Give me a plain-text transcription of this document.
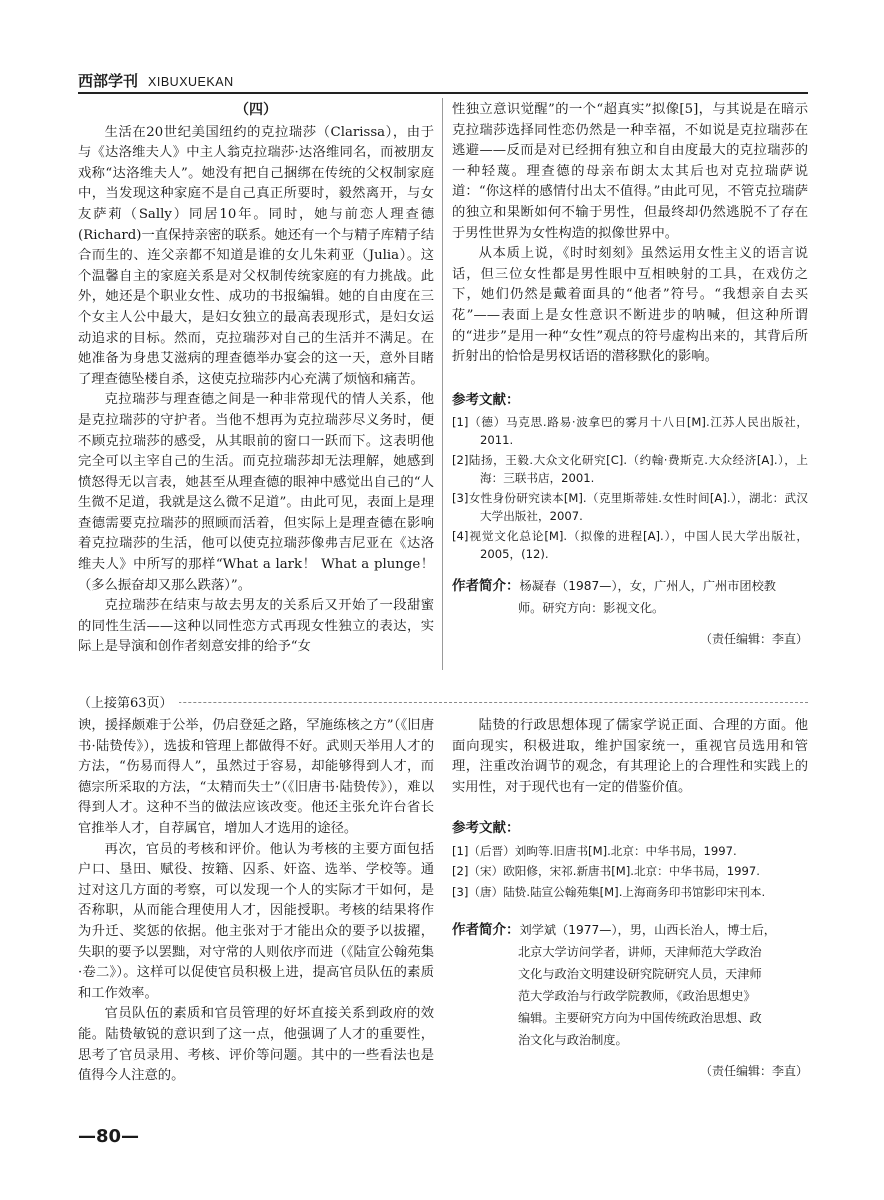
西部学刊 XIBUXUEKAN
（四）

生活在20世纪美国纽约的克拉瑞莎（Clarissa），由于与《达洛维夫人》中主人翁克拉瑞莎·达洛维同名，而被朋友戏称“达洛维夫人”。她没有把自己捆绑在传统的父权制家庭中，当发现这种家庭不是自己真正所要时，毅然离开，与女友萨莉（Sally）同居10年。同时，她与前恋人理查德(Richard)一直保持亲密的联系。她还有一个与精子库精子结合而生的、连父亲都不知道是谁的女儿朱莉亚（Julia）。这个温馨自主的家庭关系是对父权制传统家庭的有力挑战。此外，她还是个职业女性、成功的书报编辑。她的自由度在三个女主人公中最大，是妇女独立的最高表现形式，是妇女运动追求的目标。然而，克拉瑞莎对自己的生活并不满足。在她准备为身患艾滋病的理查德举办宴会的这一天，意外目睹了理查德坠楼自杀，这使克拉瑞莎内心充满了烦恼和痛苦。

克拉瑞莎与理查德之间是一种非常现代的情人关系，他是克拉瑞莎的守护者。当他不想再为克拉瑞莎尽义务时，便不顾克拉瑞莎的感受，从其眼前的窗口一跃而下。这表明他完全可以主宰自己的生活。而克拉瑞莎却无法理解，她感到愤怒得无以言表，她甚至从理查德的眼神中感觉出自己的“人生微不足道，我就是这么微不足道”。由此可见，表面上是理查德需要克拉瑞莎的照顾而活着，但实际上是理查德在影响着克拉瑞莎的生活，他可以使克拉瑞莎像弗吉尼亚在《达洛维夫人》中所写的那样“What a lark！ What a plunge！（多么振奋却又那么跌落）”。

克拉瑞莎在结束与故去男友的关系后又开始了一段甜蜜的同性生活——这种以同性恋方式再现女性独立的表达，实际上是导演和创作者刻意安排的给予“女

性独立意识觉醒”的一个“超真实”拟像[5]，与其说是在暗示克拉瑞莎选择同性恋仍然是一种幸福，不如说是克拉瑞莎在逃避——反而是对已经拥有独立和自由度最大的克拉瑞莎的一种轻蔑。理查德的母亲布朗太太其后也对克拉瑞萨说道：“你这样的感情付出太不值得。”由此可见，不管克拉瑞萨的独立和果断如何不输于男性，但最终却仍然逃脱不了存在于男性世界为女性构造的拟像世界中。

从本质上说，《时时刻刻》虽然运用女性主义的语言说话，但三位女性都是男性眼中互相映射的工具，在戏仿之下，她们仍然是戴着面具的“他者”符号。“我想亲自去买花”——表面上是女性意识不断进步的呐喊，但这种所谓的“进步”是用一种“女性”观点的符号虚构出来的，其背后所折射出的恰恰是男权话语的潜移默化的影响。

参考文献：
[1]（德）马克思.路易·波拿巴的雾月十八日[M].江苏人民出版社，2011.
[2]陆扬，王毅.大众文化研究[C].（约翰·费斯克.大众经济[A].），上海：三联书店，2001.
[3]女性身份研究读本[M].（克里斯蒂娃.女性时间[A].），湖北：武汉大学出版社，2007.
[4]视觉文化总论[M].（拟像的进程[A].），中国人民大学出版社，2005，(12).
作者简介：杨凝春（1987—），女，广州人，广州市团校教
师。研究方向：影视文化。
（责任编辑：李直）
（上接第63页）

谀，援择颇难于公举，仍启登延之路，罕施练核之方”（《旧唐书·陆贽传》），选拔和管理上都做得不好。武则天举用人才的方法，“伤易而得人”，虽然过于容易，却能够得到人才，而德宗所采取的方法，“太精而失士”（《旧唐书·陆贽传》），难以得到人才。这种不当的做法应该改变。他还主张允许台省长官推举人才，自荐属官，增加人才选用的途径。

再次，官员的考核和评价。他认为考核的主要方面包括户口、垦田、赋役、按籍、囚系、奸盗、选举、学校等。通过对这几方面的考察，可以发现一个人的实际才干如何，是否称职，从而能合理使用人才，因能授职。考核的结果将作为升迁、奖惩的依据。他主张对于才能出众的要予以拔擢，失职的要予以罢黜，对守常的人则依序而进（《陆宣公翰苑集·卷二》）。这样可以促使官员积极上进，提高官员队伍的素质和工作效率。

官员队伍的素质和官员管理的好坏直接关系到政府的效能。陆贽敏锐的意识到了这一点，他强调了人才的重要性，思考了官员录用、考核、评价等问题。其中的一些看法也是值得今人注意的。

陆贽的行政思想体现了儒家学说正面、合理的方面。他面向现实，积极进取，维护国家统一，重视官员选用和管理，注重改治调节的观念，有其理论上的合理性和实践上的实用性，对于现代也有一定的借鉴价值。

参考文献：
[1]（后晋）刘昫等.旧唐书[M].北京：中华书局，1997.
[2]（宋）欧阳修，宋祁.新唐书[M].北京：中华书局，1997.
[3]（唐）陆贽.陆宣公翰苑集[M].上海商务印书馆影印宋刊本.
作者简介：刘学斌（1977—），男，山西长治人，博士后，
北京大学访问学者，讲师，天津师范大学政治
文化与政治文明建设研究院研究人员，天津师
范大学政治与行政学院教师，《政治思想史》
编辑。主要研究方向为中国传统政治思想、政
治文化与政治制度。
（责任编辑：李直）
—80—
